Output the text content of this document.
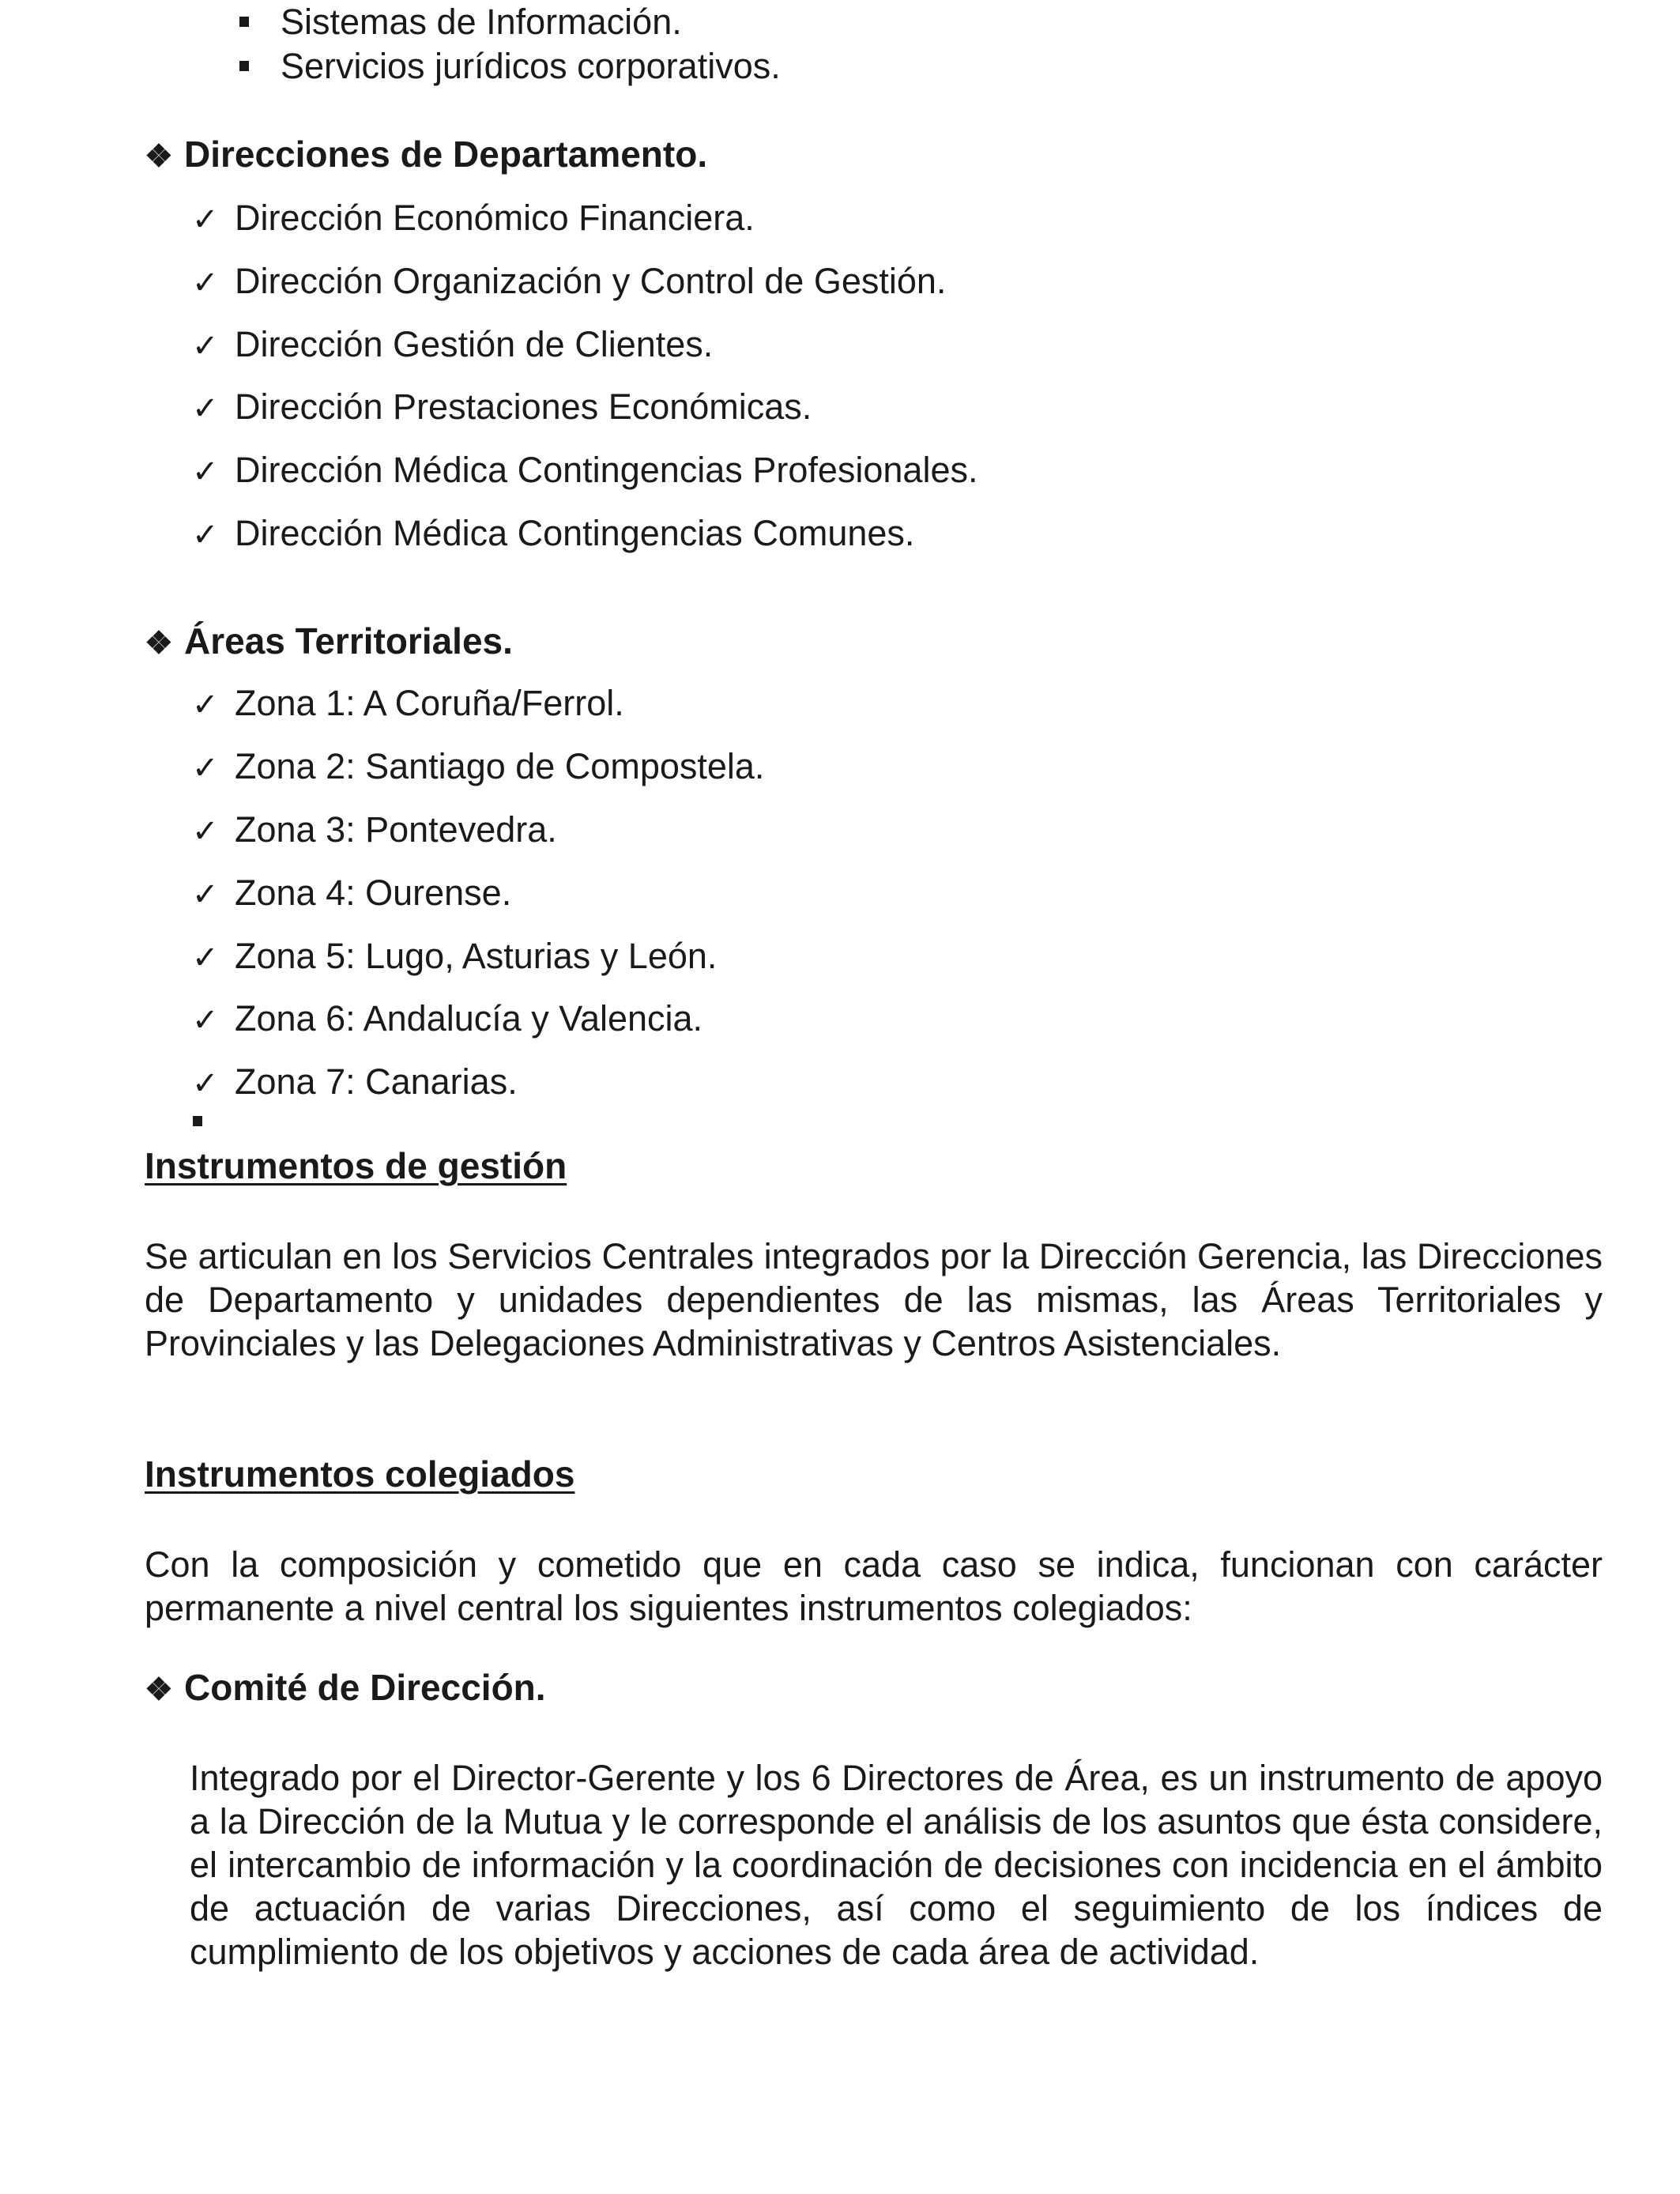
Sistemas de Información.
Servicios jurídicos corporativos.
❖ Direcciones de Departamento.
✓ Dirección Económico Financiera.
✓ Dirección Organización y Control de Gestión.
✓ Dirección Gestión de Clientes.
✓ Dirección Prestaciones Económicas.
✓ Dirección Médica Contingencias Profesionales.
✓ Dirección Médica Contingencias Comunes.
❖ Áreas Territoriales.
✓ Zona 1: A Coruña/Ferrol.
✓ Zona 2: Santiago de Compostela.
✓ Zona 3: Pontevedra.
✓ Zona 4: Ourense.
✓ Zona 5: Lugo, Asturias y León.
✓ Zona 6: Andalucía y Valencia.
✓ Zona 7: Canarias.
Instrumentos de gestión
Se articulan en los Servicios Centrales integrados por la Dirección Gerencia, las Direcciones de Departamento y unidades dependientes de las mismas, las Áreas Territoriales y Provinciales y las Delegaciones Administrativas y Centros Asistenciales.
Instrumentos colegiados
Con la composición y cometido que en cada caso se indica, funcionan con carácter permanente a nivel central los siguientes instrumentos colegiados:
❖ Comité de Dirección.
Integrado por el Director-Gerente y los 6 Directores de Área, es un instrumento de apoyo a la Dirección de la Mutua y le corresponde el análisis de los asuntos que ésta considere, el intercambio de información y la coordinación de decisiones con incidencia en el ámbito de actuación de varias Direcciones, así como el seguimiento de los índices de cumplimiento de los objetivos y acciones de cada área de actividad.
